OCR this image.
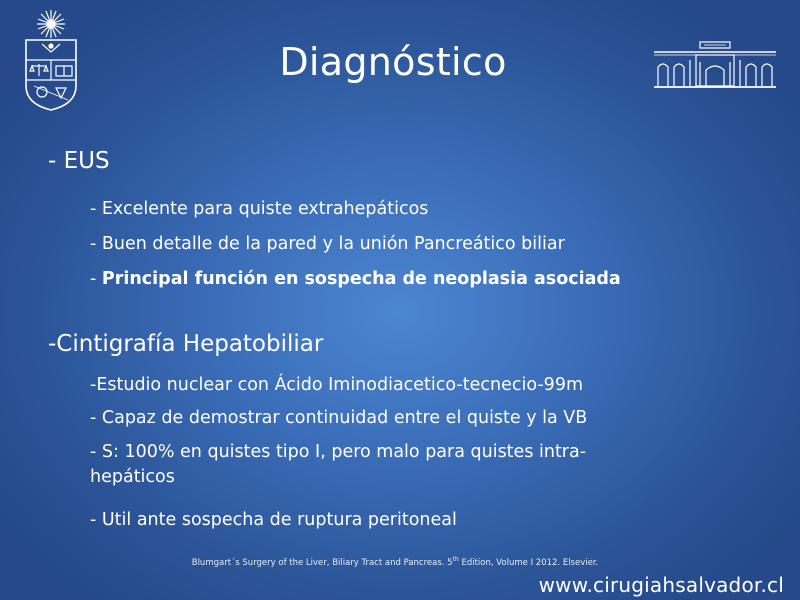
Diagnóstico
- EUS
- Excelente para quiste extrahepáticos
- Buen detalle de la pared y la unión Pancreático biliar
- Principal función en sospecha de neoplasia asociada
-Cintigrafía Hepatobiliar
-Estudio nuclear con Ácido Iminodiacetico-tecnecio-99m
- Capaz de demostrar continuidad entre el quiste y la VB
- S: 100% en quistes tipo I, pero malo para quistes intra-hepáticos
- Util ante sospecha de ruptura peritoneal
Blumgart´s Surgery of the Liver, Biliary Tract and Pancreas. 5th Edition, Volume I 2012. Elsevier.
www.cirugiahsalvador.cl
